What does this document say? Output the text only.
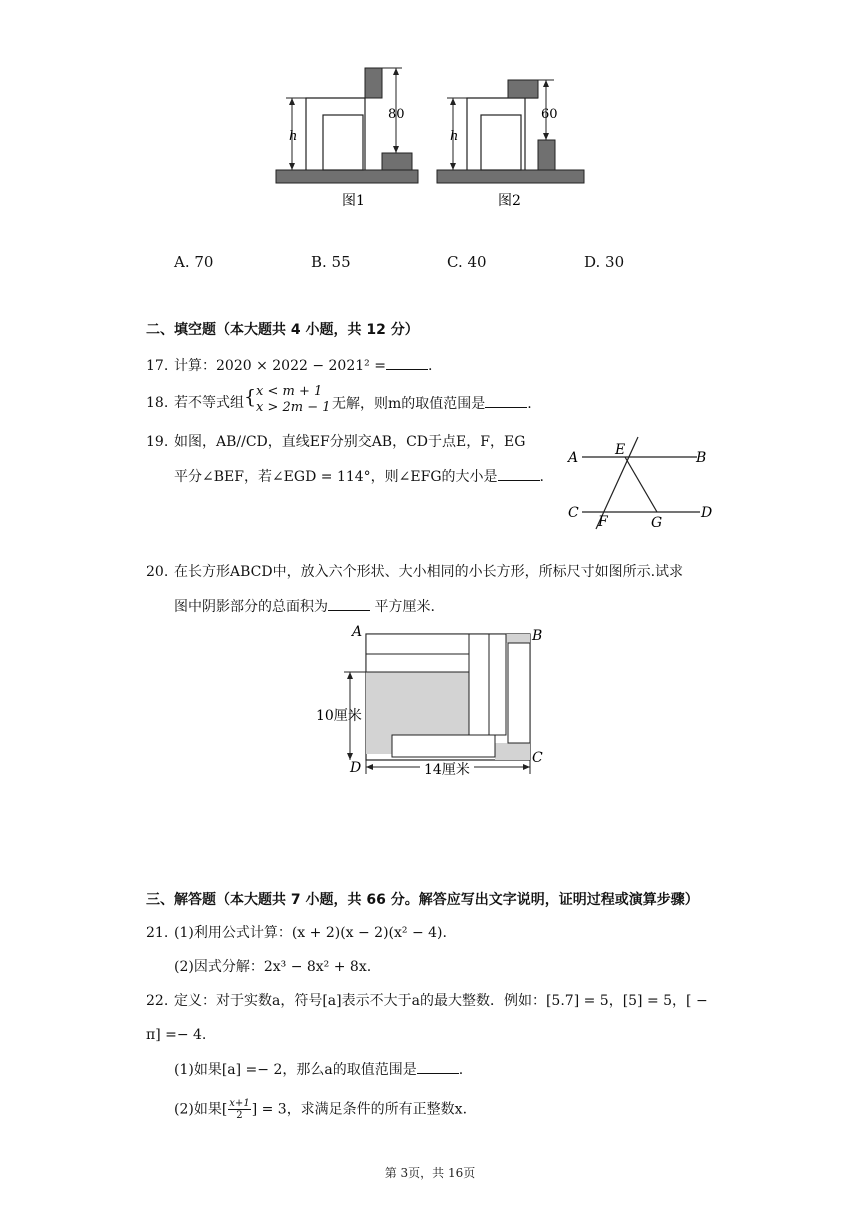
h
80
图1
h
60
图2
A. 70	B. 55	C. 40	D. 30
二、填空题（本大题共 4 小题，共 12 分）
17. 计算：2020 × 2022 − 2021² =	.
18. 若不等式组 { x < m + 1
x > 2m − 1 无解，则m的取值范围是	.
19. 如图，AB//CD，直线EF分别交AB，CD于点E，F，EG
平分∠BEF，若∠EGD = 114°，则∠EFG的大小是	.
A	B
C	D
E
F	G
20. 在长方形ABCD中，放入六个形状、大小相同的小长方形，所标尺寸如图所示.试求
图中阴影部分的总面积为	平方厘米.
10厘米
14厘米
A	B
C
D
三、解答题（本大题共 7 小题，共 66 分。解答应写出文字说明，证明过程或演算步骤）
21. (1)利用公式计算：(x + 2)(x − 2)(x² − 4).
(2)因式分解：2x³ − 8x² + 8x.
22. 定义：对于实数a，符号[a]表示不大于a的最大整数．例如：[5.7] = 5，[5] = 5，[ −
π] =− 4.
(1)如果[a] =− 2，那么a的取值范围是	.
(2)如果[ $\frac{x+1}{2}$ ] = 3，求满足条件的所有正整数x.
第 3页，共 16页
